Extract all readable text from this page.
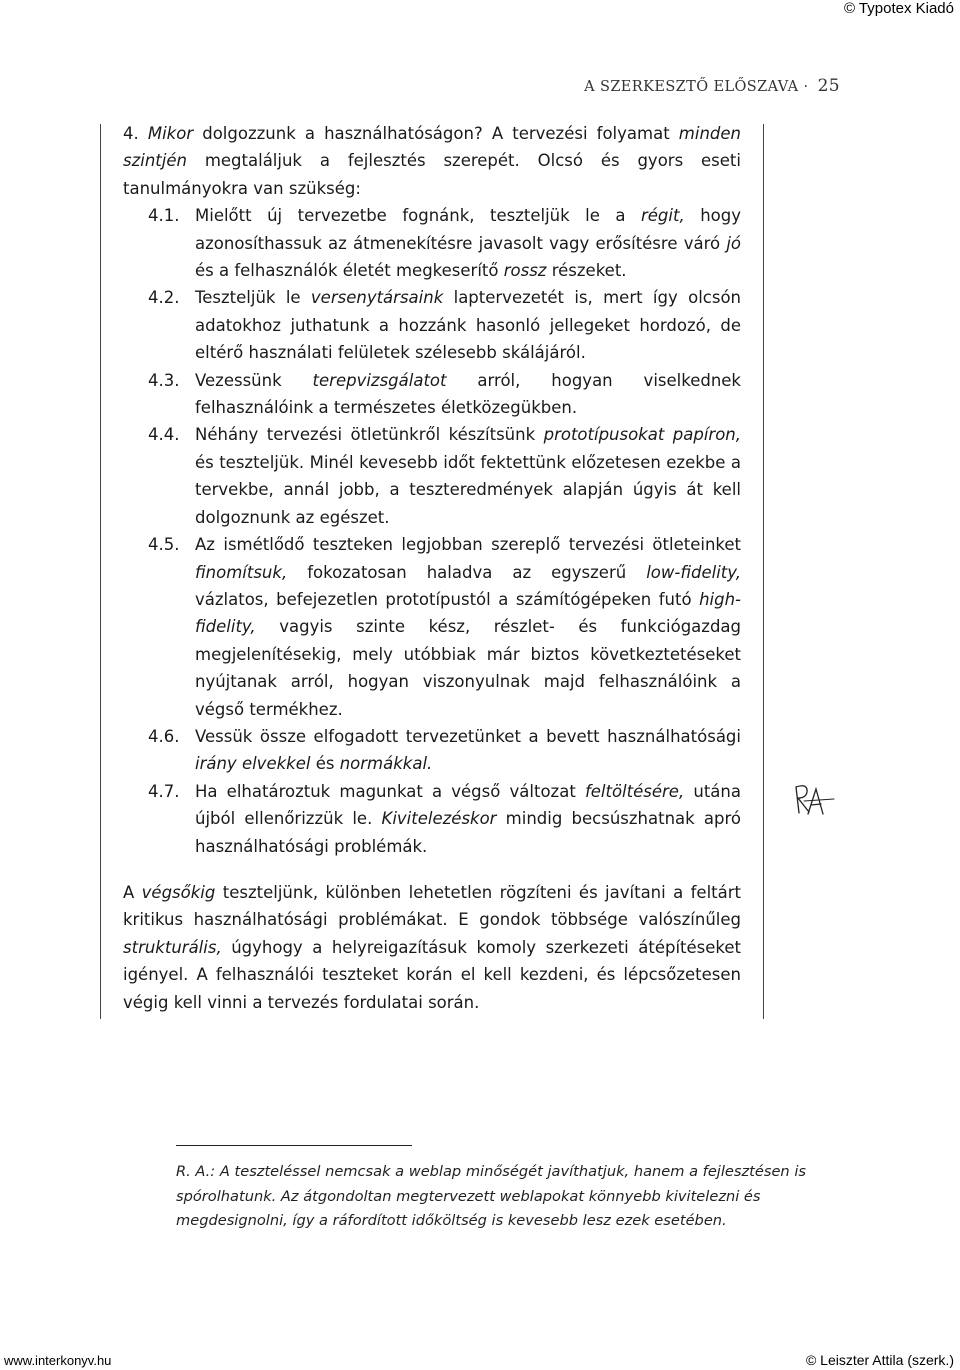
© Typotex Kiadó
A SZERKESZTŐ ELŐSZAVA · 25

4. Mikor dolgozzunk a használhatóságon? A tervezési folyamat minden szintjén megtaláljuk a fejlesztés szerepét. Olcsó és gyors eseti tanulmányokra van szükség:

4.1. Mielőtt új tervezetbe fognánk, teszteljük le a régit, hogy azonosíthassuk az átmenekítésre javasolt vagy erősítésre váró jó és a felhasználók életét megkeserítő rossz részeket.
4.2. Teszteljük le versenytársaink laptervezetét is, mert így olcsón adatokhoz juthatunk a hozzánk hasonló jellegeket hordozó, de eltérő használati felületek szélesebb skálájáról.
4.3. Vezessünk terepvizsgálatot arról, hogyan viselkednek felhasználóink a természetes életközegükben.
4.4. Néhány tervezési ötletünkről készítsünk prototípusokat papíron, és teszteljük. Minél kevesebb időt fektettünk előzetesen ezekbe a tervekbe, annál jobb, a teszteredmények alapján úgyis át kell dolgoznunk az egészet.
4.5. Az ismétlődő teszteken legjobban szereplő tervezési ötleteinket finomítsuk, fokozatosan haladva az egyszerű low-fidelity, vázlatos, befejezetlen prototípustól a számítógépeken futó high-fidelity, vagyis szinte kész, részlet- és funkciógazdag megjelenítésekig, mely utóbbiak már biztos következtetéseket nyújtanak arról, hogyan viszonyulnak majd felhasználóink a végső termékhez.
4.6. Vessük össze elfogadott tervezetünket a bevett használhatósági irány elvekkel és normákkal.
4.7. Ha elhatároztuk magunkat a végső változat feltöltésére, utána újból ellenőrizzük le. Kivitelezéskor mindig becsúszhatnak apró használhatósági problémák.

A végsőkig teszteljünk, különben lehetetlen rögzíteni és javítani a feltárt kritikus használhatósági problémákat. E gondok többsége valószínűleg strukturális, úgyhogy a helyreigazításuk komoly szerkezeti átépítéseket igényel. A felhasználói teszteket korán el kell kezdeni, és lépcsőzetesen végig kell vinni a tervezés fordulatai során.

R. A.: A teszteléssel nemcsak a weblap minőségét javíthatjuk, hanem a fejlesztésen is spórolhatunk. Az átgondoltan megtervezett weblapokat könnyebb kivitelezni és megdesignolni, így a ráfordított időköltség is kevesebb lesz ezek esetében.
www.interkonyv.hu	© Leiszter Attila (szerk.)
